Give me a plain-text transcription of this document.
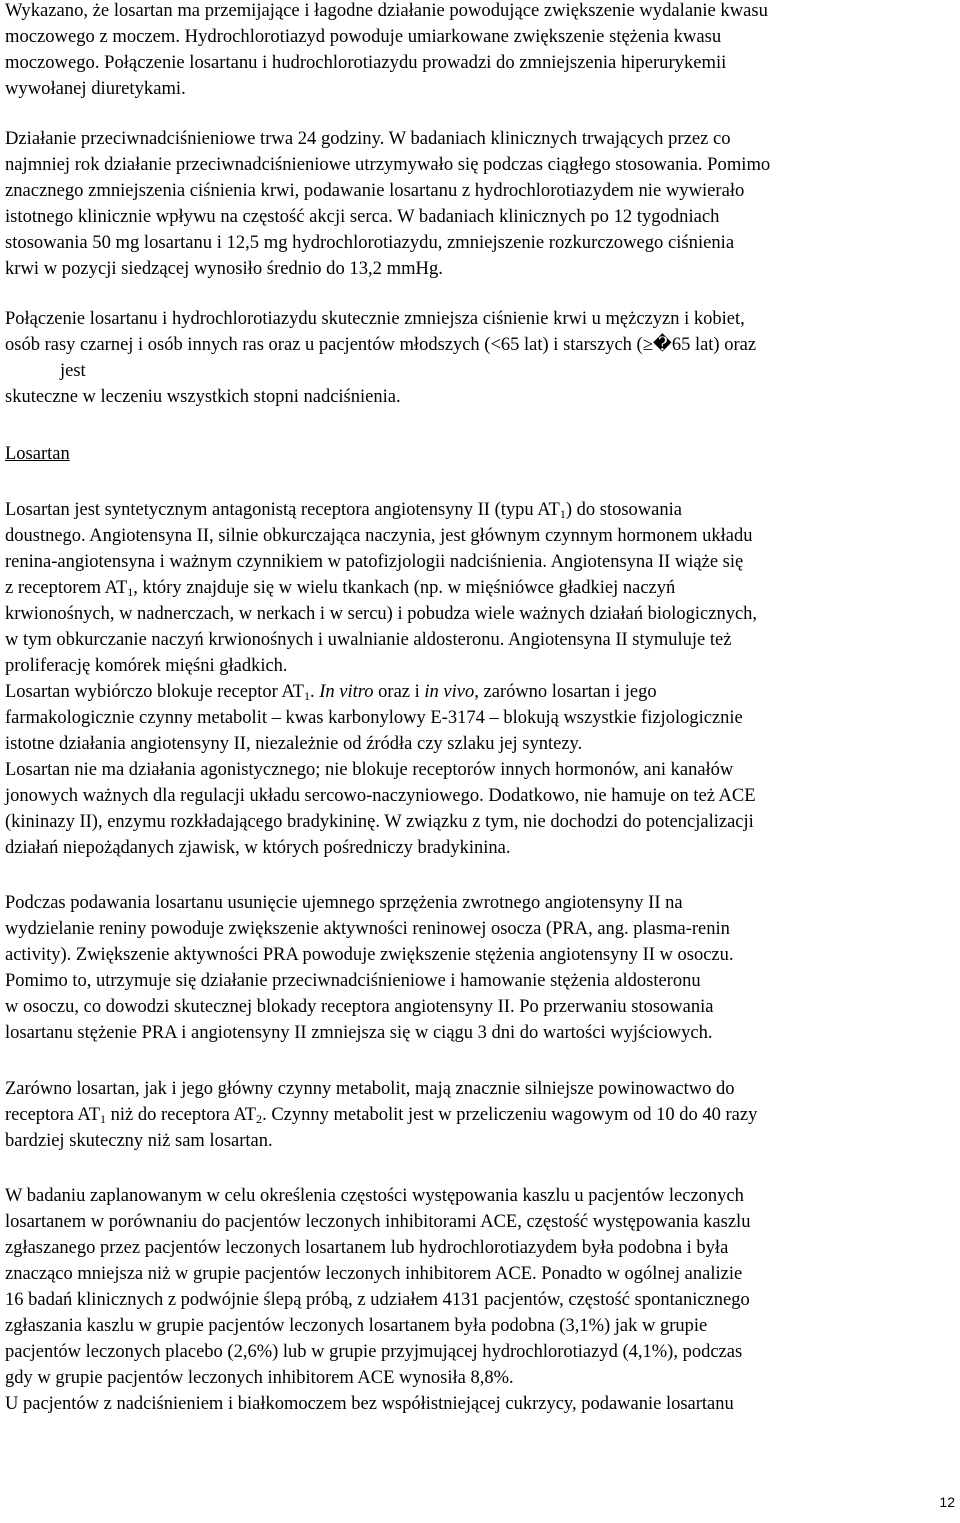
Wykazano, że losartan ma przemijające i łagodne działanie powodujące zwiększenie wydalanie kwasu
moczowego z moczem. Hydrochlorotiazyd powoduje umiarkowane zwiększenie stężenia kwasu
moczowego. Połączenie losartanu i hudrochlorotiazydu prowadzi do zmniejszenia hiperurykemii
wywołanej diuretykami.
Działanie przeciwnadciśnieniowe trwa 24 godziny. W badaniach klinicznych trwających przez co
najmniej rok działanie przeciwnadciśnieniowe utrzymywało się podczas ciągłego stosowania. Pomimo
znacznego zmniejszenia ciśnienia krwi, podawanie losartanu z hydrochlorotiazydem nie wywierało
istotnego klinicznie wpływu na częstość akcji serca. W badaniach klinicznych po 12 tygodniach
stosowania 50 mg losartanu i 12,5 mg hydrochlorotiazydu, zmniejszenie rozkurczowego ciśnienia
krwi w pozycji siedzącej wynosiło średnio do 13,2 mmHg.
Połączenie losartanu i hydrochlorotiazydu skutecznie zmniejsza ciśnienie krwi u mężczyzn i kobiet,
osób rasy czarnej i osób innych ras oraz u pacjentów młodszych (<65 lat) i starszych (≥�65 lat) oraz
jest
skuteczne w leczeniu wszystkich stopni nadciśnienia.
Losartan
Losartan jest syntetycznym antagonistą receptora angiotensyny II (typu $AT_1$) do stosowania
doustnego. Angiotensyna II, silnie obkurczająca naczynia, jest głównym czynnym hormonem układu
renina-angiotensyna i ważnym czynnikiem w patofizjologii nadciśnienia. Angiotensyna II wiąże się
z receptorem $AT_1$, który znajduje się w wielu tkankach (np. w mięśniówce gładkiej naczyń
krwionośnych, w nadnerczach, w nerkach i w sercu) i pobudza wiele ważnych działań biologicznych,
w tym obkurczanie naczyń krwionośnych i uwalnianie aldosteronu. Angiotensyna II stymuluje też
proliferację komórek mięśni gładkich.
Losartan wybiórczo blokuje receptor $AT_1$. In vitro oraz i in vivo, zarówno losartan i jego
farmakologicznie czynny metabolit – kwas karbonylowy E-3174 – blokują wszystkie fizjologicznie
istotne działania angiotensyny II, niezależnie od źródła czy szlaku jej syntezy.
Losartan nie ma działania agonistycznego; nie blokuje receptorów innych hormonów, ani kanałów
jonowych ważnych dla regulacji układu sercowo-naczyniowego. Dodatkowo, nie hamuje on też ACE
(kininazy II), enzymu rozkładającego bradykininę. W związku z tym, nie dochodzi do potencjalizacji
działań niepożądanych zjawisk, w których pośredniczy bradykinina.
Podczas podawania losartanu usunięcie ujemnego sprzężenia zwrotnego angiotensyny II na
wydzielanie reniny powoduje zwiększenie aktywności reninowej osocza (PRA, ang. plasma-renin
activity). Zwiększenie aktywności PRA powoduje zwiększenie stężenia angiotensyny II w osoczu.
Pomimo to, utrzymuje się działanie przeciwnadciśnieniowe i hamowanie stężenia aldosteronu
w osoczu, co dowodzi skutecznej blokady receptora angiotensyny II. Po przerwaniu stosowania
losartanu stężenie PRA i angiotensyny II zmniejsza się w ciągu 3 dni do wartości wyjściowych.
Zarówno losartan, jak i jego główny czynny metabolit, mają znacznie silniejsze powinowactwo do
receptora $AT_1$ niż do receptora $AT_2$. Czynny metabolit jest w przeliczeniu wagowym od 10 do 40 razy
bardziej skuteczny niż sam losartan.
W badaniu zaplanowanym w celu określenia częstości występowania kaszlu u pacjentów leczonych
losartanem w porównaniu do pacjentów leczonych inhibitorami ACE, częstość występowania kaszlu
zgłaszanego przez pacjentów leczonych losartanem lub hydrochlorotiazydem była podobna i była
znacząco mniejsza niż w grupie pacjentów leczonych inhibitorem ACE. Ponadto w ogólnej analizie
16 badań klinicznych z podwójnie ślepą próbą, z udziałem 4131 pacjentów, częstość spontanicznego
zgłaszania kaszlu w grupie pacjentów leczonych losartanem była podobna (3,1%) jak w grupie
pacjentów leczonych placebo (2,6%) lub w grupie przyjmującej hydrochlorotiazyd (4,1%), podczas
gdy w grupie pacjentów leczonych inhibitorem ACE wynosiła 8,8%.
U pacjentów z nadciśnieniem i białkomoczem bez współistniejącej cukrzycy, podawanie losartanu
12
